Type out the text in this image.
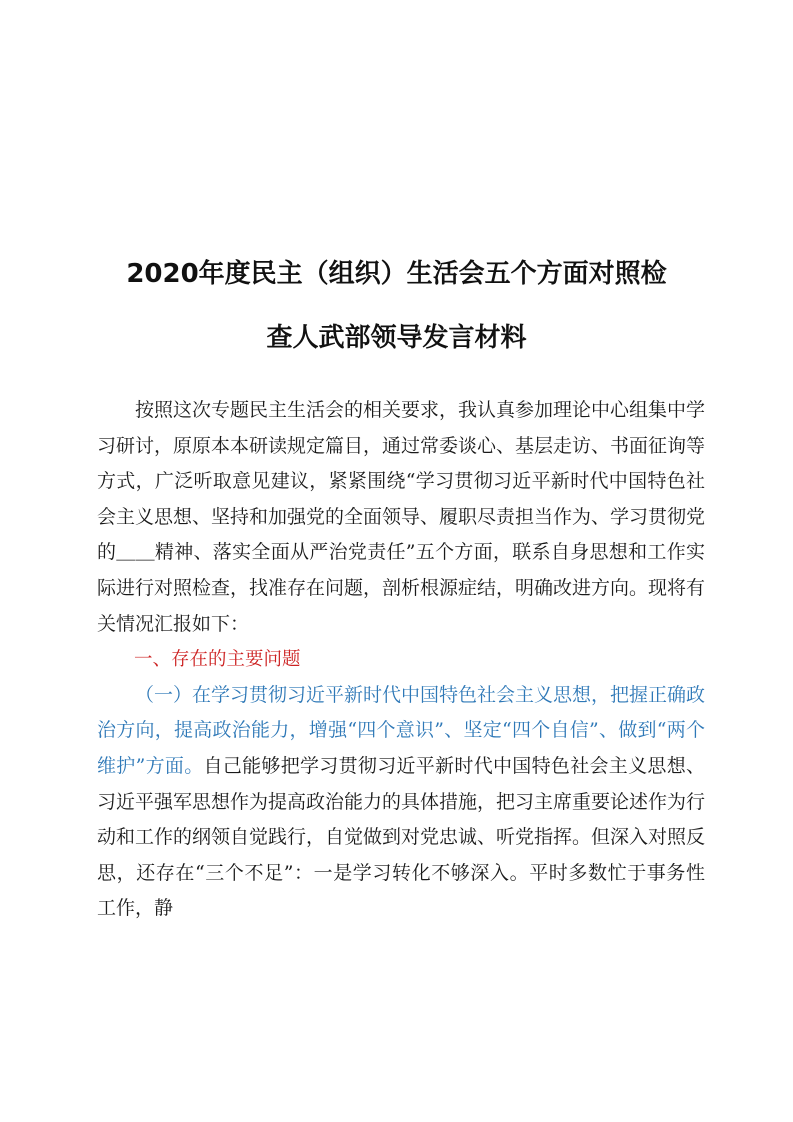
2020年度民主（组织）生活会五个方面对照检
查人武部领导发言材料

按照这次专题民主生活会的相关要求，我认真参加理论中心组集中学习研讨，原原本本研读规定篇目，通过常委谈心、基层走访、书面征询等方式，广泛听取意见建议，紧紧围绕“学习贯彻习近平新时代中国特色社会主义思想、坚持和加强党的全面领导、履职尽责担当作为、学习贯彻党的＿＿精神、落实全面从严治党责任”五个方面，联系自身思想和工作实际进行对照检查，找准存在问题，剖析根源症结，明确改进方向。现将有关情况汇报如下：

一、存在的主要问题

（一）在学习贯彻习近平新时代中国特色社会主义思想，把握正确政治方向，提高政治能力，增强“四个意识”、坚定“四个自信”、做到“两个维护”方面。自己能够把学习贯彻习近平新时代中国特色社会主义思想、习近平强军思想作为提高政治能力的具体措施，把习主席重要论述作为行动和工作的纲领自觉践行，自觉做到对党忠诚、听党指挥。但深入对照反思，还存在“三个不足”：一是学习转化不够深入。平时多数忙于事务性工作，静
